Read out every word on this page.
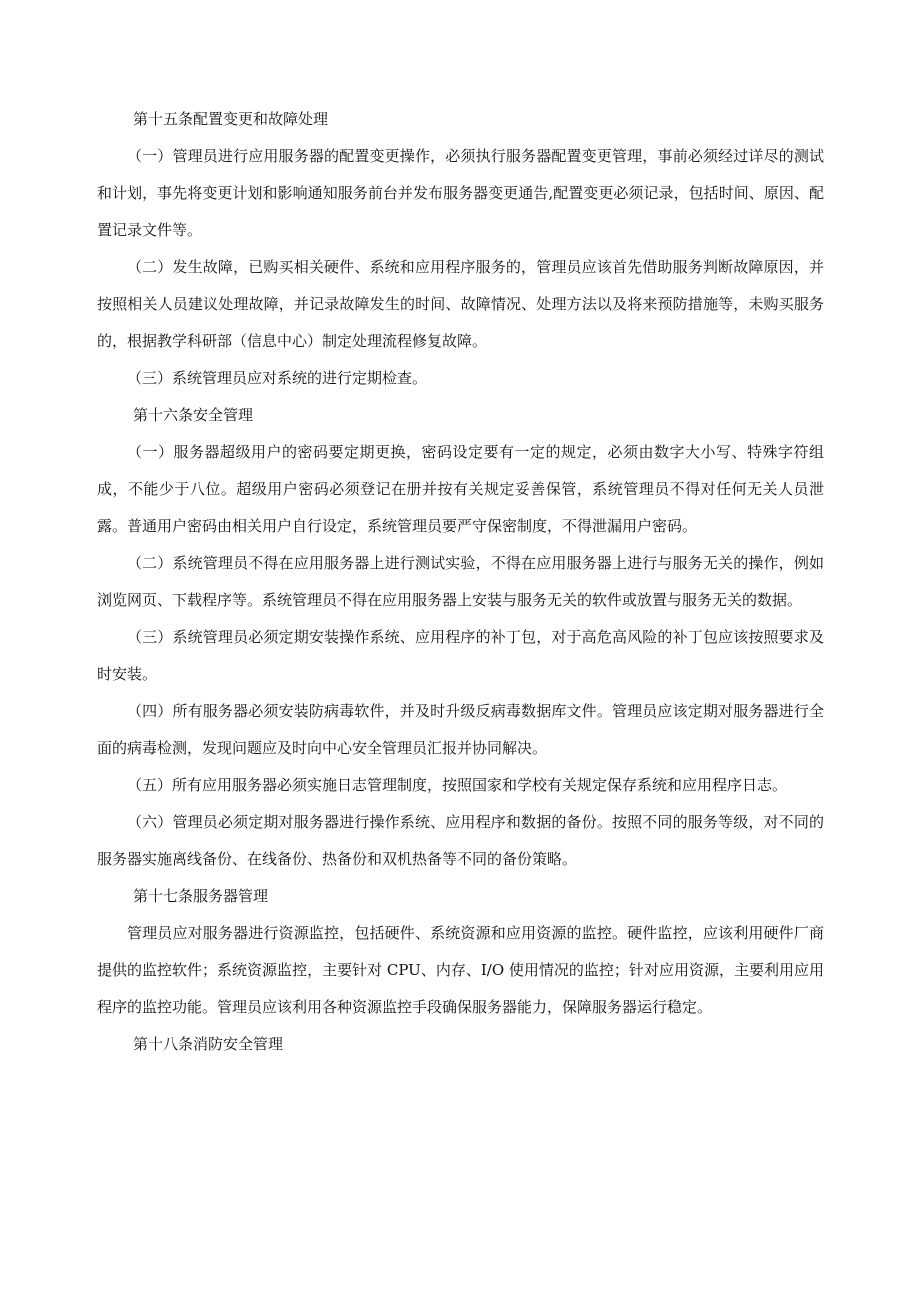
第十五条配置变更和故障处理

（一）管理员进行应用服务器的配置变更操作，必须执行服务器配置变更管理，事前必须经过详尽的测试和计划，事先将变更计划和影响通知服务前台并发布服务器变更通告,配置变更必须记录，包括时间、原因、配置记录文件等。

（二）发生故障，已购买相关硬件、系统和应用程序服务的，管理员应该首先借助服务判断故障原因，并按照相关人员建议处理故障，并记录故障发生的时间、故障情况、处理方法以及将来预防措施等，未购买服务的，根据教学科研部（信息中心）制定处理流程修复故障。

（三）系统管理员应对系统的进行定期检查。

第十六条安全管理

（一）服务器超级用户的密码要定期更换，密码设定要有一定的规定，必须由数字大小写、特殊字符组成，不能少于八位。超级用户密码必须登记在册并按有关规定妥善保管，系统管理员不得对任何无关人员泄露。普通用户密码由相关用户自行设定，系统管理员要严守保密制度，不得泄漏用户密码。

（二）系统管理员不得在应用服务器上进行测试实验，不得在应用服务器上进行与服务无关的操作，例如浏览网页、下载程序等。系统管理员不得在应用服务器上安装与服务无关的软件或放置与服务无关的数据。

（三）系统管理员必须定期安装操作系统、应用程序的补丁包，对于高危高风险的补丁包应该按照要求及时安装。

（四）所有服务器必须安装防病毒软件，并及时升级反病毒数据库文件。管理员应该定期对服务器进行全面的病毒检测，发现问题应及时向中心安全管理员汇报并协同解决。

（五）所有应用服务器必须实施日志管理制度，按照国家和学校有关规定保存系统和应用程序日志。

（六）管理员必须定期对服务器进行操作系统、应用程序和数据的备份。按照不同的服务等级，对不同的服务器实施离线备份、在线备份、热备份和双机热备等不同的备份策略。

第十七条服务器管理

管理员应对服务器进行资源监控，包括硬件、系统资源和应用资源的监控。硬件监控，应该利用硬件厂商提供的监控软件；系统资源监控，主要针对 CPU、内存、I/O 使用情况的监控；针对应用资源，主要利用应用程序的监控功能。管理员应该利用各种资源监控手段确保服务器能力，保障服务器运行稳定。

第十八条消防安全管理
